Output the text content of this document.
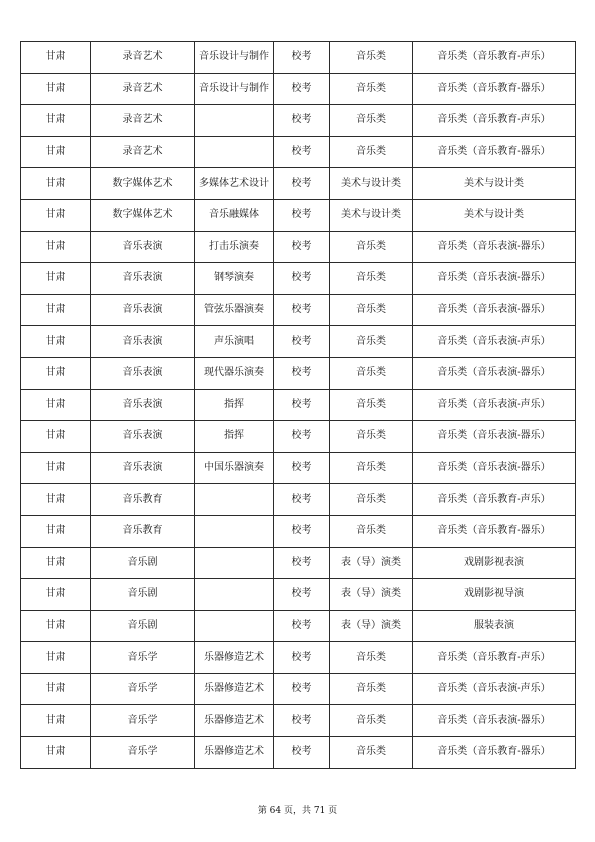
甘肃	录音艺术	音乐设计与制作	校考	音乐类	音乐类（音乐教育-声乐）
甘肃	录音艺术	音乐设计与制作	校考	音乐类	音乐类（音乐教育-器乐）
甘肃	录音艺术		校考	音乐类	音乐类（音乐教育-声乐）
甘肃	录音艺术		校考	音乐类	音乐类（音乐教育-器乐）
甘肃	数字媒体艺术	多媒体艺术设计	校考	美术与设计类	美术与设计类
甘肃	数字媒体艺术	音乐融媒体	校考	美术与设计类	美术与设计类
甘肃	音乐表演	打击乐演奏	校考	音乐类	音乐类（音乐表演-器乐）
甘肃	音乐表演	钢琴演奏	校考	音乐类	音乐类（音乐表演-器乐）
甘肃	音乐表演	管弦乐器演奏	校考	音乐类	音乐类（音乐表演-器乐）
甘肃	音乐表演	声乐演唱	校考	音乐类	音乐类（音乐表演-声乐）
甘肃	音乐表演	现代器乐演奏	校考	音乐类	音乐类（音乐表演-器乐）
甘肃	音乐表演	指挥	校考	音乐类	音乐类（音乐表演-声乐）
甘肃	音乐表演	指挥	校考	音乐类	音乐类（音乐表演-器乐）
甘肃	音乐表演	中国乐器演奏	校考	音乐类	音乐类（音乐表演-器乐）
甘肃	音乐教育		校考	音乐类	音乐类（音乐教育-声乐）
甘肃	音乐教育		校考	音乐类	音乐类（音乐教育-器乐）
甘肃	音乐剧		校考	表（导）演类	戏剧影视表演
甘肃	音乐剧		校考	表（导）演类	戏剧影视导演
甘肃	音乐剧		校考	表（导）演类	服装表演
甘肃	音乐学	乐器修造艺术	校考	音乐类	音乐类（音乐教育-声乐）
甘肃	音乐学	乐器修造艺术	校考	音乐类	音乐类（音乐表演-声乐）
甘肃	音乐学	乐器修造艺术	校考	音乐类	音乐类（音乐表演-器乐）
甘肃	音乐学	乐器修造艺术	校考	音乐类	音乐类（音乐教育-器乐）
第 64 页，共 71 页
